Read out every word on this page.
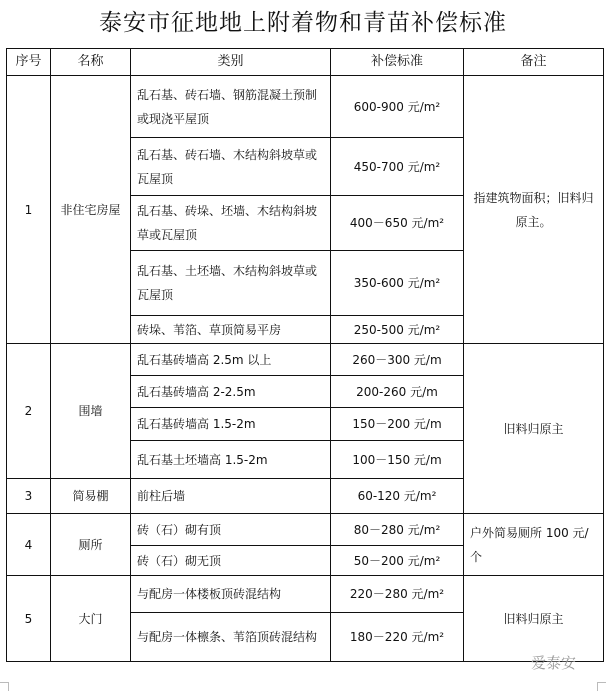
泰安市征地地上附着物和青苗补偿标准
序号	名称	类别	补偿标准	备注
1	非住宅房屋	乱石基、砖石墙、钢筋混凝土预制或现浇平屋顶	600-900 元/m²	指建筑物面积；旧料归原主。
		乱石基、砖石墙、木结构斜坡草或瓦屋顶	450-700 元/m²	
		乱石基、砖垛、坯墙、木结构斜坡草或瓦屋顶	400－650 元/m²	
		乱石基、土坯墙、木结构斜坡草或瓦屋顶	350-600 元/m²	
		砖垛、苇箔、草顶简易平房	250-500 元/m²	
2	围墙	乱石基砖墙高 2.5m 以上	260－300 元/m	旧料归原主
		乱石基砖墙高 2-2.5m	200-260 元/m	
		乱石基砖墙高 1.5-2m	150－200 元/m	
		乱石基土坯墙高 1.5-2m	100－150 元/m	
3	简易棚	前柱后墙	60-120 元/m²	
4	厕所	砖（石）砌有顶	80－280 元/m²	户外简易厕所 100 元/个
		砖（石）砌无顶	50－200 元/m²	
5	大门	与配房一体楼板顶砖混结构	220－280 元/m²	旧料归原主
		与配房一体檩条、苇箔顶砖混结构	180－220 元/m²	
爱泰安
